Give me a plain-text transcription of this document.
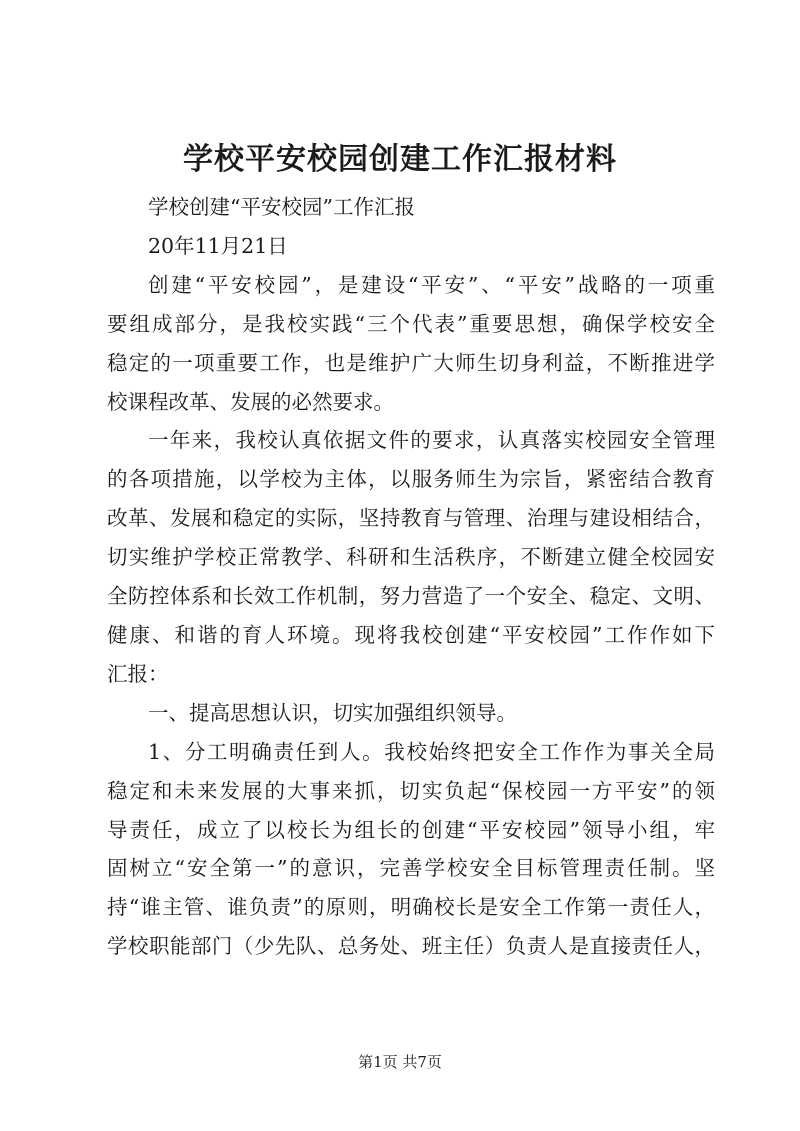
学校平安校园创建工作汇报材料
学校创建“平安校园”工作汇报
20年11月21日
创建“平安校园”，是建设“平安”、“平安”战略的一项重
要组成部分，是我校实践“三个代表”重要思想，确保学校安全
稳定的一项重要工作，也是维护广大师生切身利益，不断推进学
校课程改革、发展的必然要求。
一年来，我校认真依据文件的要求，认真落实校园安全管理
的各项措施，以学校为主体，以服务师生为宗旨，紧密结合教育
改革、发展和稳定的实际，坚持教育与管理、治理与建设相结合，
切实维护学校正常教学、科研和生活秩序，不断建立健全校园安
全防控体系和长效工作机制，努力营造了一个安全、稳定、文明、
健康、和谐的育人环境。现将我校创建“平安校园”工作作如下
汇报：
一、提高思想认识，切实加强组织领导。
1、分工明确责任到人。我校始终把安全工作作为事关全局
稳定和未来发展的大事来抓，切实负起“保校园一方平安”的领
导责任，成立了以校长为组长的创建“平安校园”领导小组，牢
固树立“安全第一”的意识，完善学校安全目标管理责任制。坚
持“谁主管、谁负责”的原则，明确校长是安全工作第一责任人，
学校职能部门（少先队、总务处、班主任）负责人是直接责任人，
第1页 共7页
